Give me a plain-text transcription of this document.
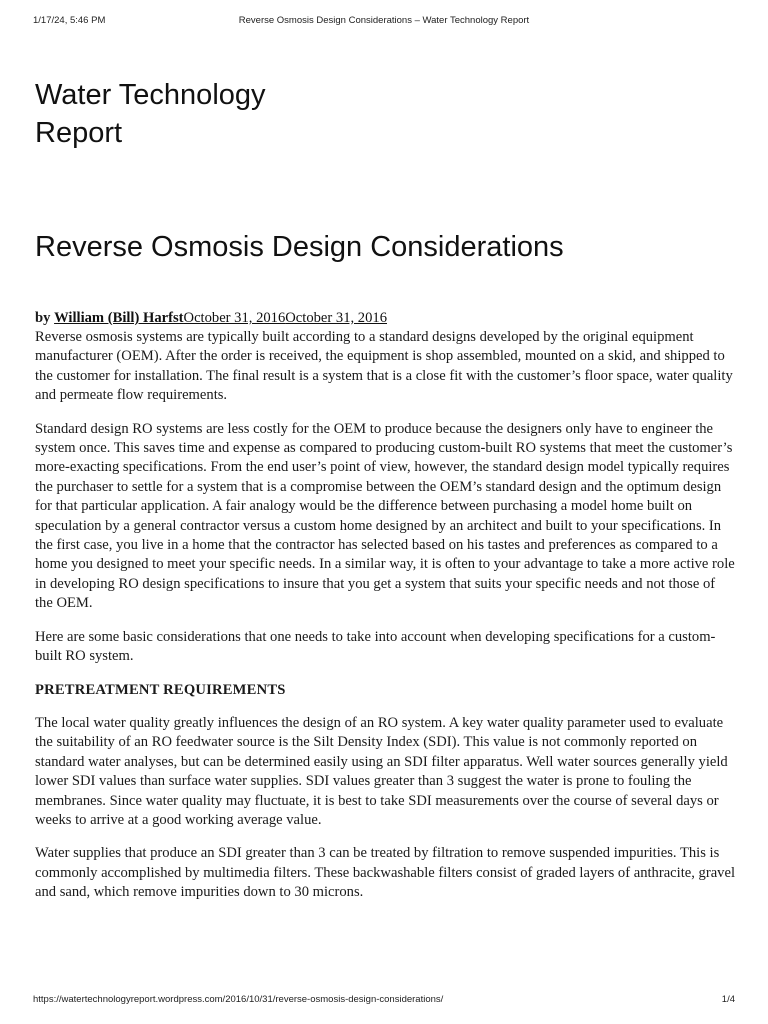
1/17/24, 5:46 PM	Reverse Osmosis Design Considerations – Water Technology Report
Water Technology
Report
Reverse Osmosis Design Considerations
by William (Bill) HarfstOctober 31, 2016October 31, 2016

Reverse osmosis systems are typically built according to a standard designs developed by the original equipment manufacturer (OEM). After the order is received, the equipment is shop assembled, mounted on a skid, and shipped to the customer for installation. The final result is a system that is a close fit with the customer’s floor space, water quality and permeate flow requirements.

Standard design RO systems are less costly for the OEM to produce because the designers only have to engineer the system once. This saves time and expense as compared to producing custom-built RO systems that meet the customer’s more-exacting specifications. From the end user’s point of view, however, the standard design model typically requires the purchaser to settle for a system that is a compromise between the OEM’s standard design and the optimum design for that particular application. A fair analogy would be the difference between purchasing a model home built on speculation by a general contractor versus a custom home designed by an architect and built to your specifications. In the first case, you live in a home that the contractor has selected based on his tastes and preferences as compared to a home you designed to meet your specific needs. In a similar way, it is often to your advantage to take a more active role in developing RO design specifications to insure that you get a system that suits your specific needs and not those of the OEM.

Here are some basic considerations that one needs to take into account when developing specifications for a custom-built RO system.

PRETREATMENT REQUIREMENTS

The local water quality greatly influences the design of an RO system. A key water quality parameter used to evaluate the suitability of an RO feedwater source is the Silt Density Index (SDI). This value is not commonly reported on standard water analyses, but can be determined easily using an SDI filter apparatus. Well water sources generally yield lower SDI values than surface water supplies. SDI values greater than 3 suggest the water is prone to fouling the membranes. Since water quality may fluctuate, it is best to take SDI measurements over the course of several days or weeks to arrive at a good working average value.

Water supplies that produce an SDI greater than 3 can be treated by filtration to remove suspended impurities. This is commonly accomplished by multimedia filters. These backwashable filters consist of graded layers of anthracite, gravel and sand, which remove impurities down to 30 microns.

https://watertechnologyreport.wordpress.com/2016/10/31/reverse-osmosis-design-considerations/	1/4
